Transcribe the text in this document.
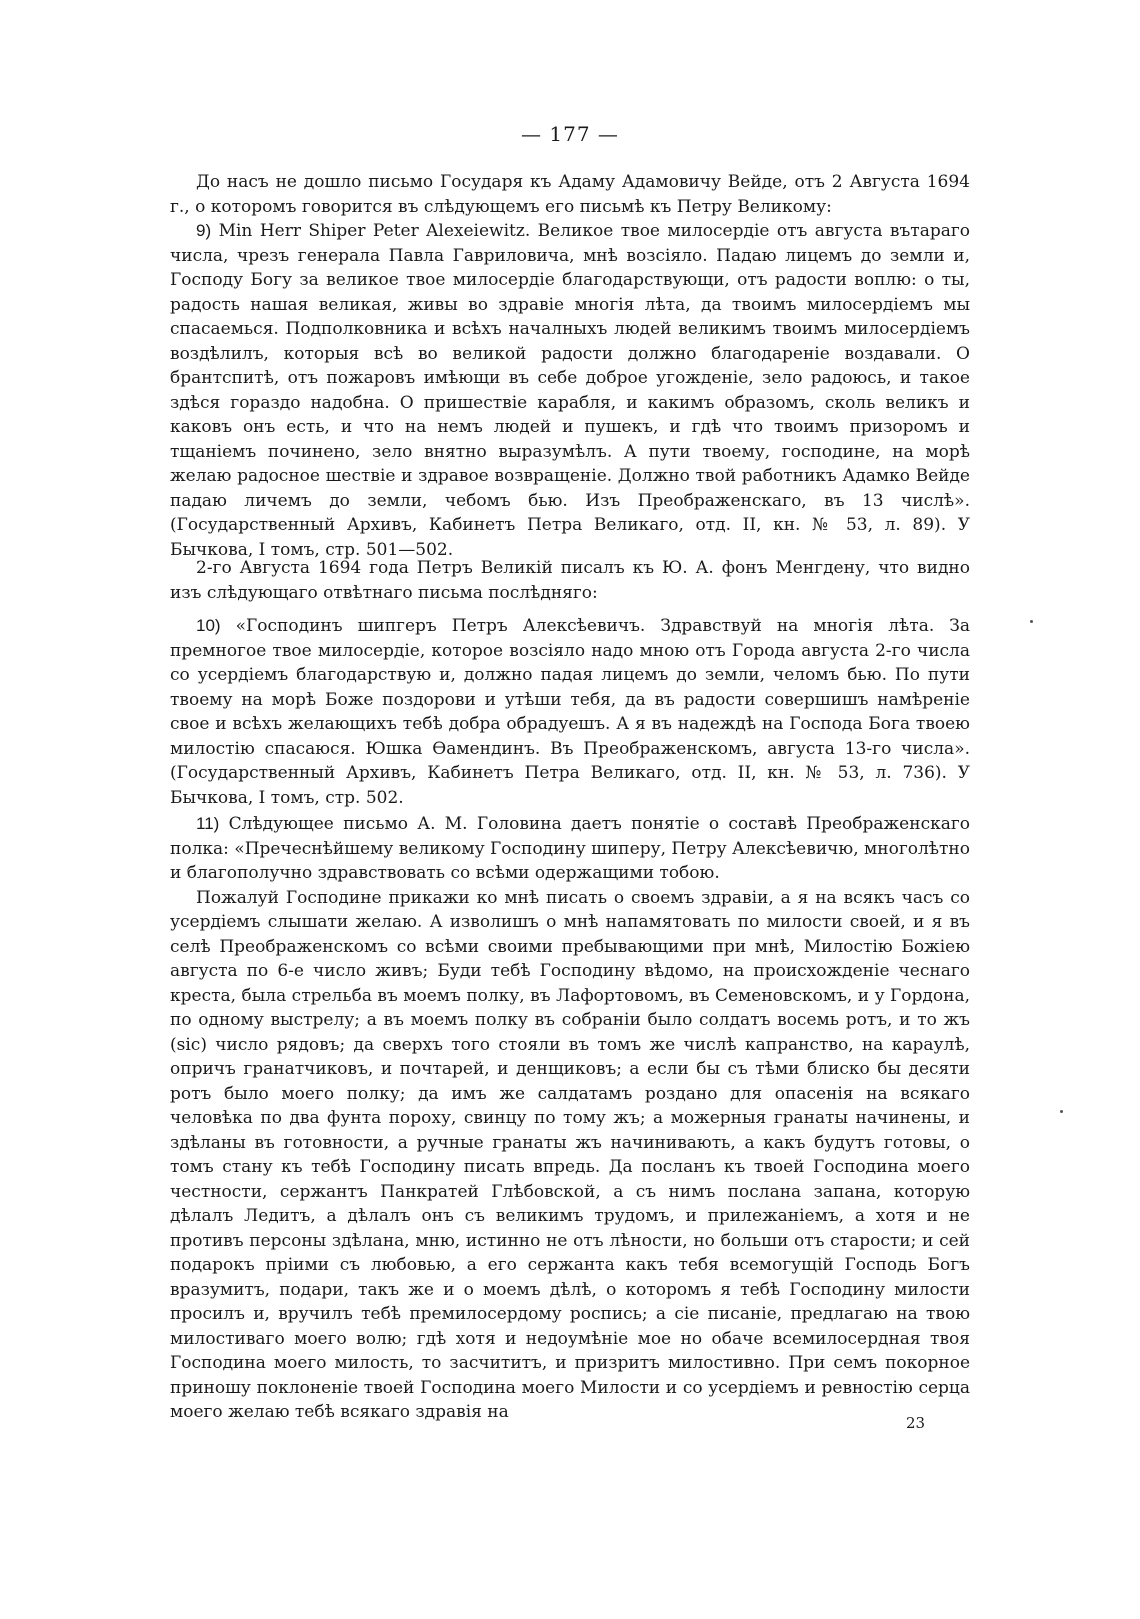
— 177 —

До насъ не дошло письмо Государя къ Адаму Адамовичу Вейде, отъ 2 Августа 1694 г., о которомъ говорится въ слѣдующемъ его письмѣ къ Петру Великому:

9) Min Herr Shiper Peter Alexeiewitz. Великое твое милосердіе отъ августа вътараго числа, чрезъ генерала Павла Гавриловича, мнѣ возсіяло. Падаю лицемъ до земли и, Господу Богу за великое твое милосердіе благодарствующи, отъ радости воплю: о ты, радость нашая великая, живы во здравіе многія лѣта, да твоимъ милосердіемъ мы спасаемься. Подполковника и всѣхъ началныхъ людей великимъ твоимъ милосердіемъ воздѣлилъ, которыя всѣ во великой радости должно благодареніе воздавали. О брантспитѣ, отъ пожаровъ имѣющи въ себе доброе угожденіе, зело радоюсь, и такое здѣся гораздо надобна. О пришествіе карабля, и какимъ образомъ, сколь великъ и каковъ онъ есть, и что на немъ людей и пушекъ, и гдѣ что твоимъ призоромъ и тщаніемъ починено, зело внятно выразумѣлъ. А пути твоему, господине, на морѣ желаю радосное шествіе и здравое возвращеніе. Должно твой работникъ Адамко Вейде падаю личемъ до земли, чебомъ бью. Изъ Преображенскаго, въ 13 числѣ». (Государственный Архивъ, Кабинетъ Петра Великаго, отд. II, кн. № 53, л. 89). У Бычкова, I томъ, стр. 501—502.

2-го Августа 1694 года Петръ Великій писалъ къ Ю. А. фонъ Менгдену, что видно изъ слѣдующаго отвѣтнаго письма послѣдняго:

10) «Господинъ шипгеръ Петръ Алексѣевичъ. Здравствуй на многія лѣта. За премногое твое милосердіе, которое возсіяло надо мною отъ Города августа 2-го числа со усердіемъ благодарствую и, должно падая лицемъ до земли, челомъ бью. По пути твоему на морѣ Боже поздорови и утѣши тебя, да въ радости совершишъ намѣреніе свое и всѣхъ желающихъ тебѣ добра обрадуешъ. А я въ надеждѣ на Господа Бога твоею милостію спасаюся. Юшка Өамендинъ. Въ Преображенскомъ, августа 13-го числа». (Государственный Архивъ, Кабинетъ Петра Великаго, отд. II, кн. № 53, л. 736). У Бычкова, I томъ, стр. 502.

11) Слѣдующее письмо А. М. Головина даетъ понятіе о составѣ Преображенскаго полка: «Пречеснѣйшему великому Господину шиперу, Петру Алексѣевичю, многолѣтно и благополучно здравствовать со всѣми одержащими тобою.

Пожалуй Господине прикажи ко мнѣ писать о своемъ здравіи, а я на всякъ часъ со усердіемъ слышати желаю. А изволишъ о мнѣ напамятовать по милости своей, и я въ селѣ Преображенскомъ со всѣми своими пребывающими при мнѣ, Милостію Божіею августа по 6-е число живъ; Буди тебѣ Господину вѣдомо, на происхожденіе чеснаго креста, была стрельба въ моемъ полку, въ Лафортовомъ, въ Семеновскомъ, и у Гордона, по одному выстрелу; а въ моемъ полку въ собраніи было солдатъ восемь ротъ, и то жъ (sic) число рядовъ; да сверхъ того стояли въ томъ же числѣ капранство, на караулѣ, опричъ гранатчиковъ, и почтарей, и денщиковъ; а если бы съ тѣми блиско бы десяти ротъ было моего полку; да имъ же салдатамъ роздано для опасенія на всякаго человѣка по два фунта пороху, свинцу по тому жъ; а можерныя гранаты начинены, и здѣланы въ готовности, а ручные гранаты жъ начинивають, а какъ будутъ готовы, о томъ стану къ тебѣ Господину писать впредь. Да посланъ къ твоей Господина моего честности, сержантъ Панкратей Глѣбовской, а съ нимъ послана запана, которую дѣлалъ Ледитъ, а дѣлалъ онъ съ великимъ трудомъ, и прилежаніемъ, а хотя и не противъ персоны здѣлана, мню, истинно не отъ лѣности, но больши отъ старости; и сей подарокъ пріими съ любовью, а его сержанта какъ тебя всемогущій Господь Богъ вразумитъ, подари, такъ же и о моемъ дѣлѣ, о которомъ я тебѣ Господину милости просилъ и, вручилъ тебѣ премилосердому роспись; а сіе писаніе, предлагаю на твою милостиваго моего волю; гдѣ хотя и недоумѣніе мое но обаче всемилосердная твоя Господина моего милость, то засчититъ, и призритъ милостивно. При семъ покорное приношу поклоненіе твоей Господина моего Милости и со усердіемъ и ревностію серца моего желаю тебѣ всякаго здравія на

23
